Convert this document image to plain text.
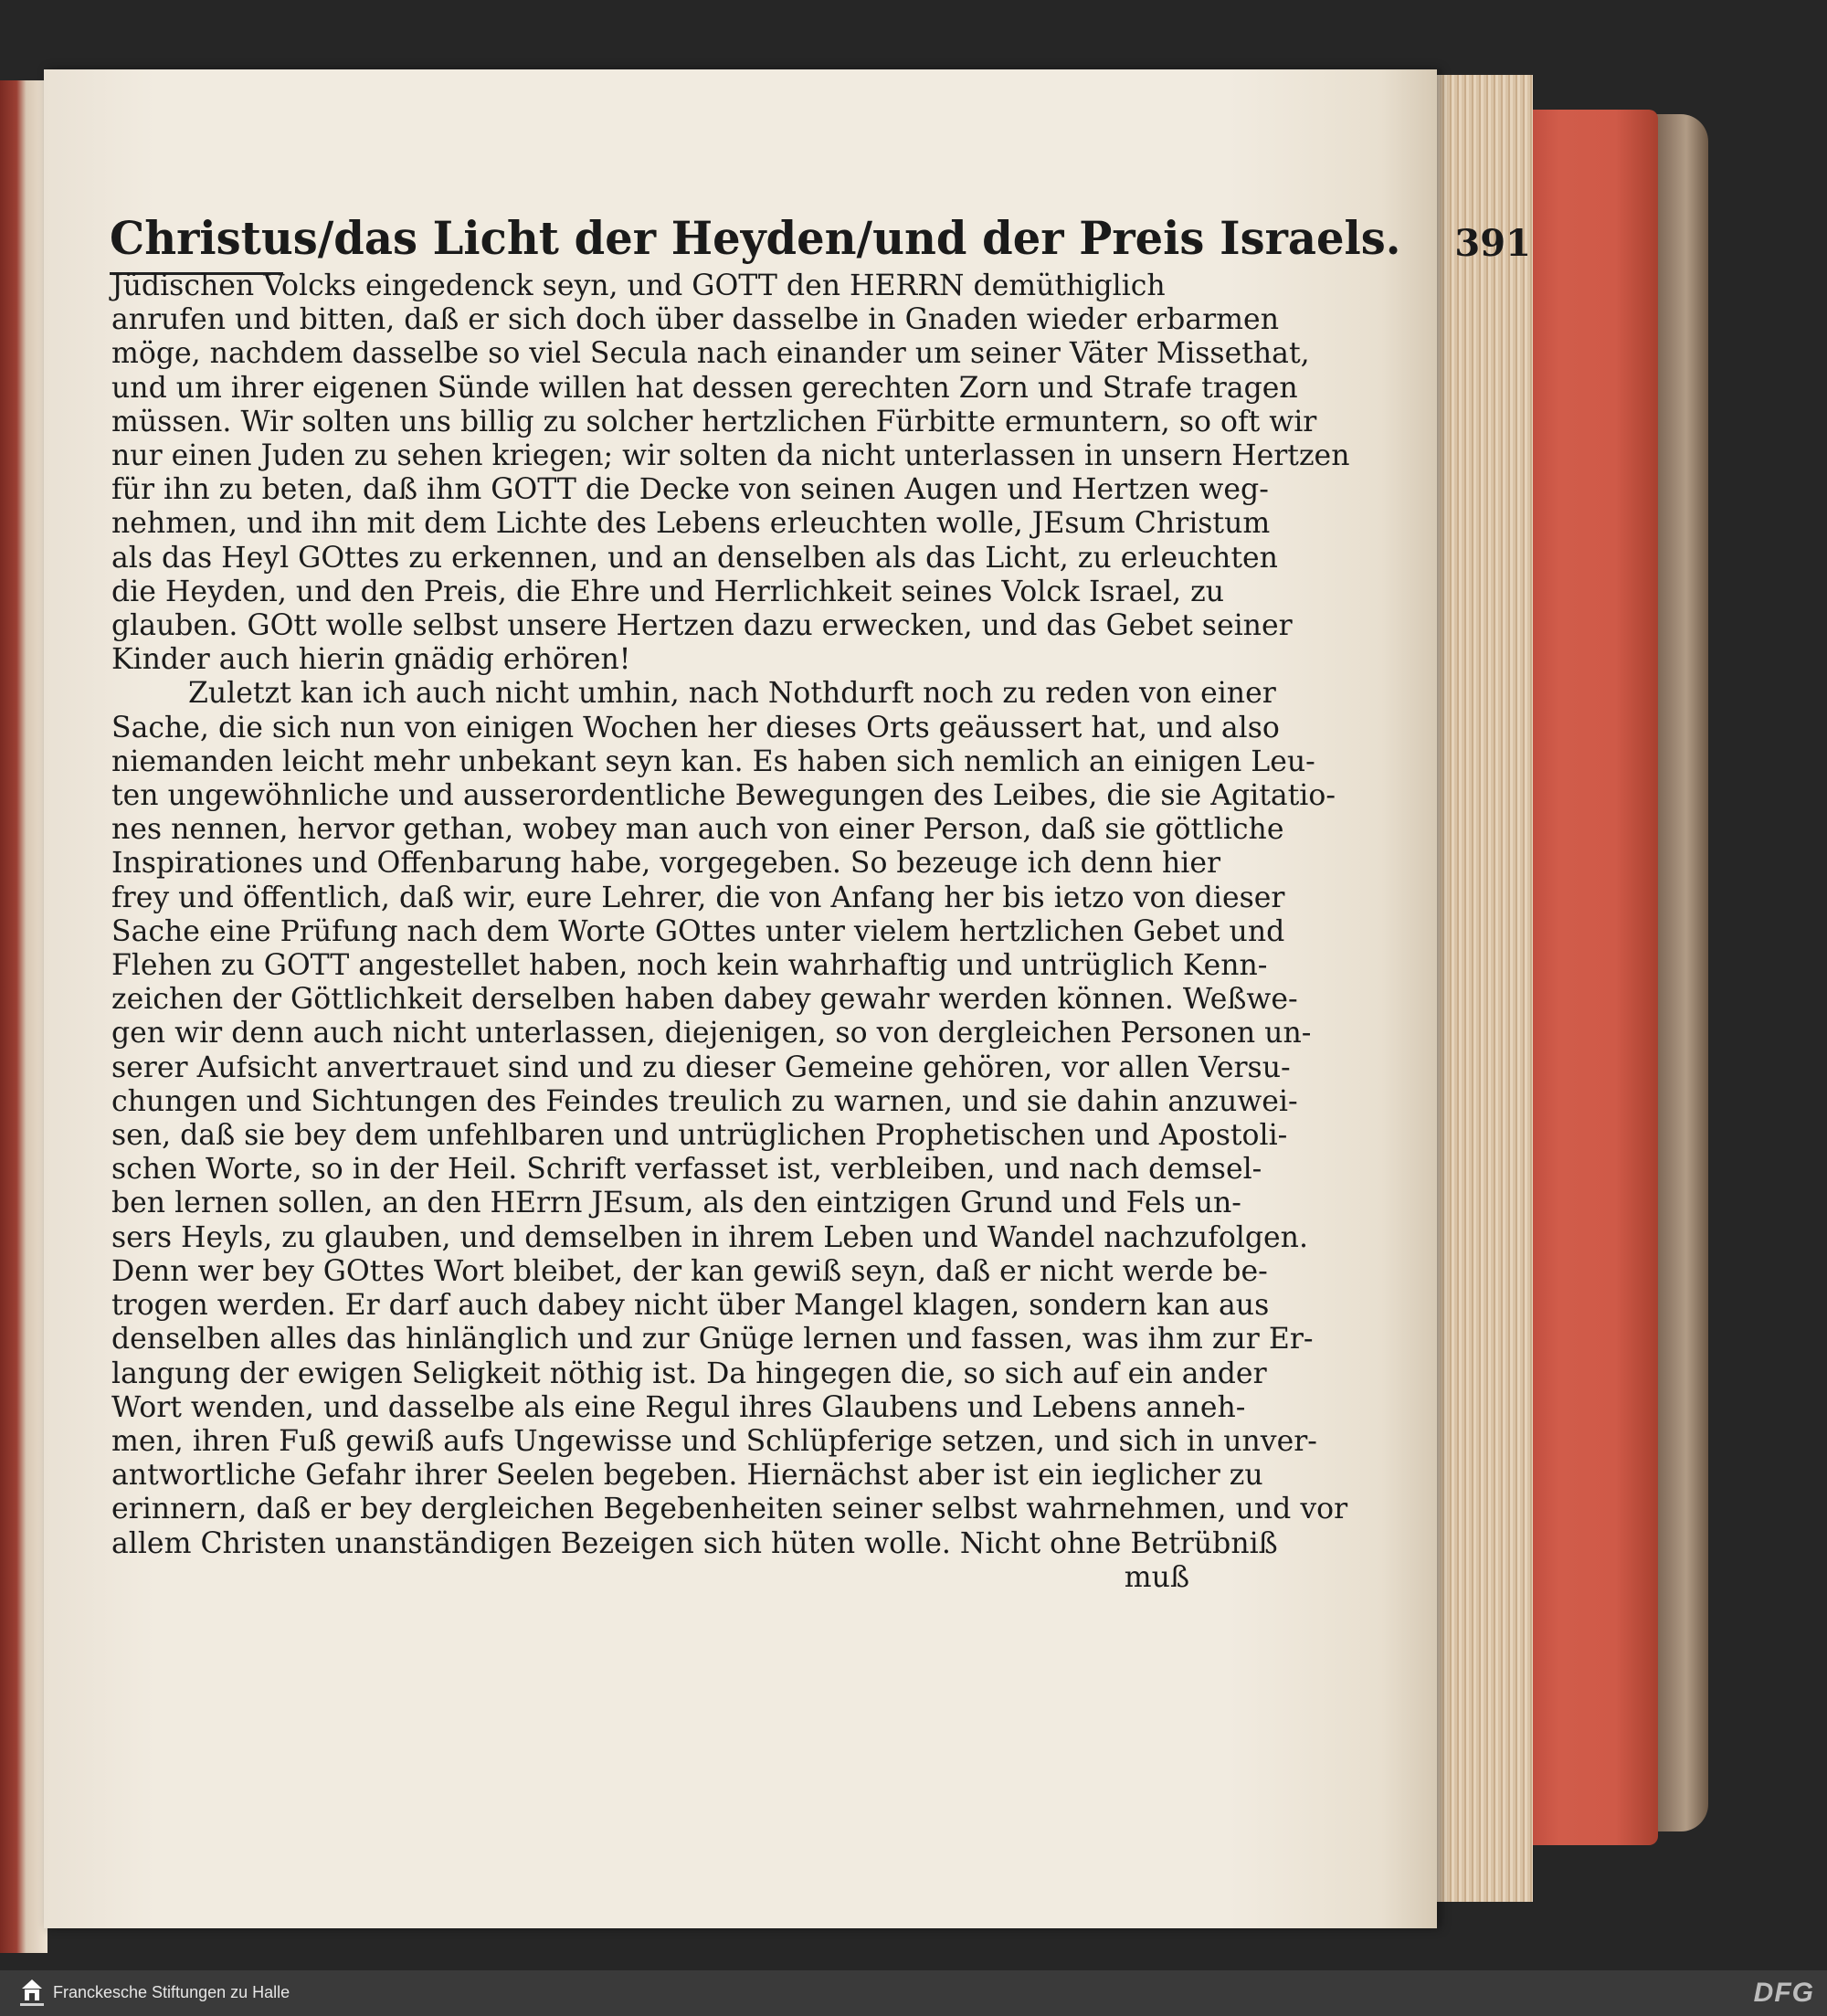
Christus/das Licht der Heyden/und der Preis Israels. 391
Jüdischen Volcks eingedenck seyn, und GOTT den HERRN demüthiglich
anrufen und bitten, daß er sich doch über dasselbe in Gnaden wieder erbarmen
möge, nachdem dasselbe so viel Secula nach einander um seiner Väter Missethat,
und um ihrer eigenen Sünde willen hat dessen gerechten Zorn und Strafe tragen
müssen. Wir solten uns billig zu solcher hertzlichen Fürbitte ermuntern, so oft wir
nur einen Juden zu sehen kriegen; wir solten da nicht unterlassen in unsern Hertzen
für ihn zu beten, daß ihm GOTT die Decke von seinen Augen und Hertzen weg-
nehmen, und ihn mit dem Lichte des Lebens erleuchten wolle, JEsum Christum
als das Heyl GOttes zu erkennen, und an denselben als das Licht, zu erleuchten
die Heyden, und den Preis, die Ehre und Herrlichkeit seines Volck Israel, zu
glauben. GOtt wolle selbst unsere Hertzen dazu erwecken, und das Gebet seiner
Kinder auch hierin gnädig erhören!
Zuletzt kan ich auch nicht umhin, nach Nothdurft noch zu reden von einer
Sache, die sich nun von einigen Wochen her dieses Orts geäussert hat, und also
niemanden leicht mehr unbekant seyn kan. Es haben sich nemlich an einigen Leu-
ten ungewöhnliche und ausserordentliche Bewegungen des Leibes, die sie Agitatio-
nes nennen, hervor gethan, wobey man auch von einer Person, daß sie göttliche
Inspirationes und Offenbarung habe, vorgegeben. So bezeuge ich denn hier
frey und öffentlich, daß wir, eure Lehrer, die von Anfang her bis ietzo von dieser
Sache eine Prüfung nach dem Worte GOttes unter vielem hertzlichen Gebet und
Flehen zu GOTT angestellet haben, noch kein wahrhaftig und untrüglich Kenn-
zeichen der Göttlichkeit derselben haben dabey gewahr werden können. Weßwe-
gen wir denn auch nicht unterlassen, diejenigen, so von dergleichen Personen un-
serer Aufsicht anvertrauet sind und zu dieser Gemeine gehören, vor allen Versu-
chungen und Sichtungen des Feindes treulich zu warnen, und sie dahin anzuwei-
sen, daß sie bey dem unfehlbaren und untrüglichen Prophetischen und Apostoli-
schen Worte, so in der Heil. Schrift verfasset ist, verbleiben, und nach demsel-
ben lernen sollen, an den HErrn JEsum, als den eintzigen Grund und Fels un-
sers Heyls, zu glauben, und demselben in ihrem Leben und Wandel nachzufolgen.
Denn wer bey GOttes Wort bleibet, der kan gewiß seyn, daß er nicht werde be-
trogen werden. Er darf auch dabey nicht über Mangel klagen, sondern kan aus
denselben alles das hinlänglich und zur Gnüge lernen und fassen, was ihm zur Er-
langung der ewigen Seligkeit nöthig ist. Da hingegen die, so sich auf ein ander
Wort wenden, und dasselbe als eine Regul ihres Glaubens und Lebens anneh-
men, ihren Fuß gewiß aufs Ungewisse und Schlüpferige setzen, und sich in unver-
antwortliche Gefahr ihrer Seelen begeben. Hiernächst aber ist ein ieglicher zu
erinnern, daß er bey dergleichen Begebenheiten seiner selbst wahrnehmen, und vor
allem Christen unanständigen Bezeigen sich hüten wolle. Nicht ohne Betrübniß
muß
Franckesche Stiftungen zu Halle	DFG
